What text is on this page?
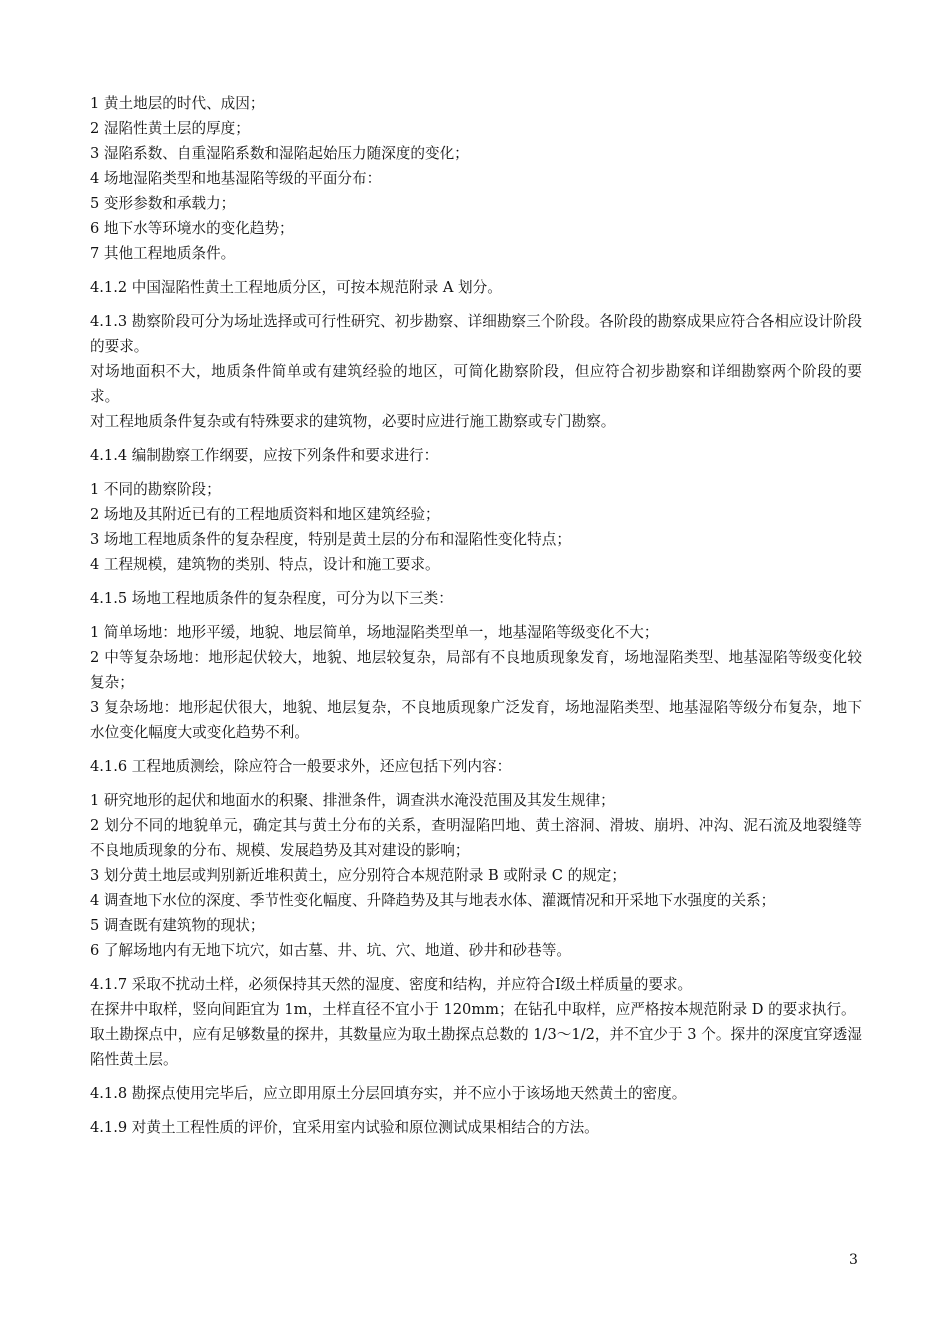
1 黄土地层的时代、成因；

2 湿陷性黄土层的厚度；

3 湿陷系数、自重湿陷系数和湿陷起始压力随深度的变化；

4 场地湿陷类型和地基湿陷等级的平面分布：

5 变形参数和承载力；

6 地下水等环境水的变化趋势；

7 其他工程地质条件。

4.1.2 中国湿陷性黄土工程地质分区，可按本规范附录 A 划分。

4.1.3 勘察阶段可分为场址选择或可行性研究、初步勘察、详细勘察三个阶段。各阶段的勘察成果应符合各相应设计阶段的要求。

对场地面积不大，地质条件简单或有建筑经验的地区，可简化勘察阶段，但应符合初步勘察和详细勘察两个阶段的要求。

对工程地质条件复杂或有特殊要求的建筑物，必要时应进行施工勘察或专门勘察。

4.1.4 编制勘察工作纲要，应按下列条件和要求进行：

1 不同的勘察阶段；

2 场地及其附近已有的工程地质资料和地区建筑经验；

3 场地工程地质条件的复杂程度，特别是黄土层的分布和湿陷性变化特点；

4 工程规模，建筑物的类别、特点，设计和施工要求。

4.1.5 场地工程地质条件的复杂程度，可分为以下三类：

1 简单场地：地形平缓，地貌、地层简单，场地湿陷类型单一，地基湿陷等级变化不大；

2 中等复杂场地：地形起伏较大，地貌、地层较复杂，局部有不良地质现象发育，场地湿陷类型、地基湿陷等级变化较复杂；

3 复杂场地：地形起伏很大，地貌、地层复杂，不良地质现象广泛发育，场地湿陷类型、地基湿陷等级分布复杂，地下水位变化幅度大或变化趋势不利。

4.1.6 工程地质测绘，除应符合一般要求外，还应包括下列内容：

1 研究地形的起伏和地面水的积聚、排泄条件，调查洪水淹没范围及其发生规律；

2 划分不同的地貌单元，确定其与黄土分布的关系，查明湿陷凹地、黄土溶洞、滑坡、崩坍、冲沟、泥石流及地裂缝等不良地质现象的分布、规模、发展趋势及其对建设的影响；

3 划分黄土地层或判别新近堆积黄土，应分别符合本规范附录 B 或附录 C 的规定；

4 调查地下水位的深度、季节性变化幅度、升降趋势及其与地表水体、灌溉情况和开采地下水强度的关系；

5 调查既有建筑物的现状；

6 了解场地内有无地下坑穴，如古墓、井、坑、穴、地道、砂井和砂巷等。

4.1.7 采取不扰动土样，必须保持其天然的湿度、密度和结构，并应符合Ⅰ级土样质量的要求。

在探井中取样，竖向间距宜为 1m，土样直径不宜小于 120mm；在钻孔中取样，应严格按本规范附录 D 的要求执行。

取土勘探点中，应有足够数量的探井，其数量应为取土勘探点总数的 1/3～1/2，并不宜少于 3 个。探井的深度宜穿透湿陷性黄土层。

4.1.8 勘探点使用完毕后，应立即用原土分层回填夯实，并不应小于该场地天然黄土的密度。

4.1.9 对黄土工程性质的评价，宜采用室内试验和原位测试成果相结合的方法。

3
